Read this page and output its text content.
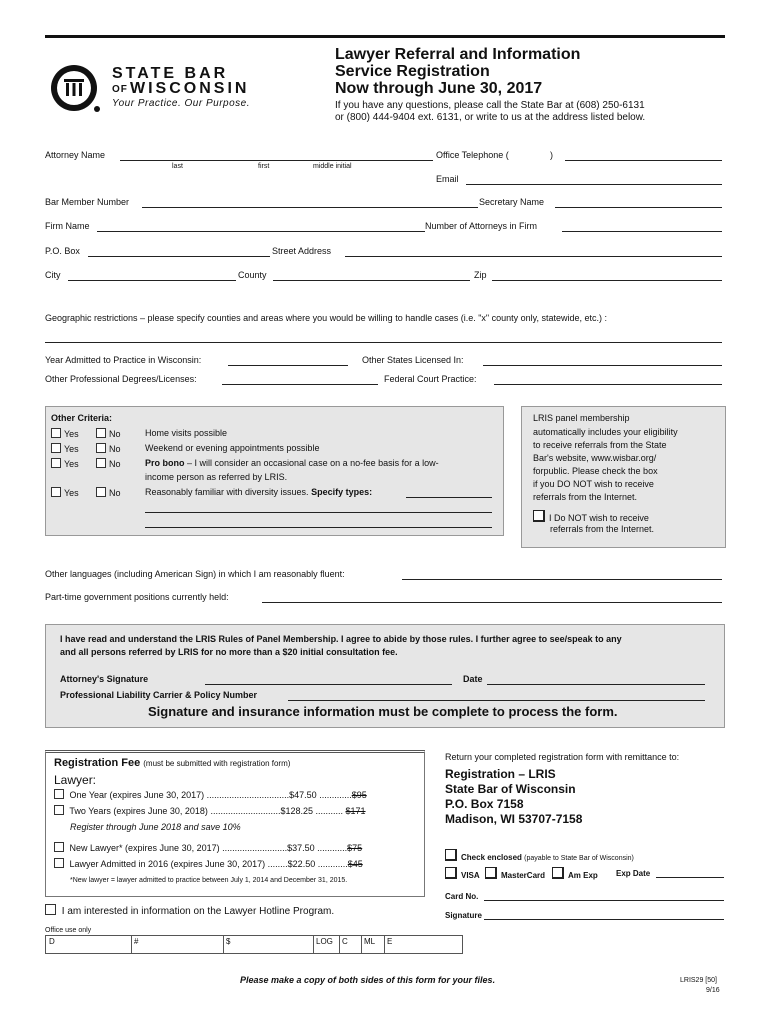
STATE BAR
OF WISCONSIN
Your Practice. Our Purpose.
Lawyer Referral and Information
Service Registration
Now through June 30, 2017
If you have any questions, please call the State Bar at (608) 250-6131
or (800) 444-9404 ext. 6131, or write to us at the address listed below.
Attorney Name
last	first	middle initial
Office Telephone (	)
Email
Bar Member Number	Secretary Name
Firm Name	Number of Attorneys in Firm
P.O. Box	Street Address
City	County	Zip
Geographic restrictions – please specify counties and areas where you would be willing to handle cases (i.e. "x" county only, statewide, etc.) :
Year Admitted to Practice in Wisconsin:	Other States Licensed In:
Other Professional Degrees/Licenses:	Federal Court Practice:
Other Criteria:
Yes	No	Home visits possible
Yes	No	Weekend or evening appointments possible
Yes	No	Pro bono – I will consider an occasional case on a no-fee basis for a low-
income person as referred by LRIS.
Yes	No	Reasonably familiar with diversity issues. Specify types:
LRIS panel membership
automatically includes your eligibility
to receive referrals from the State
Bar's website, www.wisbar.org/
forpublic. Please check the box
if you DO NOT wish to receive
referrals from the Internet.
I Do NOT wish to receive
referrals from the Internet.
Other languages (including American Sign) in which I am reasonably fluent:
Part-time government positions currently held:
I have read and understand the LRIS Rules of Panel Membership. I agree to abide by those rules. I further agree to see/speak to any
and all persons referred by LRIS for no more than a $20 initial consultation fee.
Attorney's Signature	Date
Professional Liability Carrier & Policy Number
Signature and insurance information must be complete to process the form.
Registration Fee (must be submitted with registration form)
Lawyer:
One Year (expires June 30, 2017) .................................$47.50 .............$95
Two Years (expires June 30, 2018) ............................$128.25 ........... $171
Register through June 2018 and save 10%
New Lawyer* (expires June 30, 2017) ..........................$37.50 ............$75
Lawyer Admitted in 2016 (expires June 30, 2017) ........$22.50 ............$45
*New lawyer = lawyer admitted to practice between July 1, 2014 and December 31, 2015.
I am interested in information on the Lawyer Hotline Program.
Office use only
D	#	$	LOG C ML E
Return your completed registration form with remittance to:
Registration – LRIS
State Bar of Wisconsin
P.O. Box 7158
Madison, WI 53707-7158
Check enclosed (payable to State Bar of Wisconsin)
VISA	MasterCard	Am Exp Exp Date
Card No.
Signature
Please make a copy of both sides of this form for your files.	LRIS29 [50]
9/16
